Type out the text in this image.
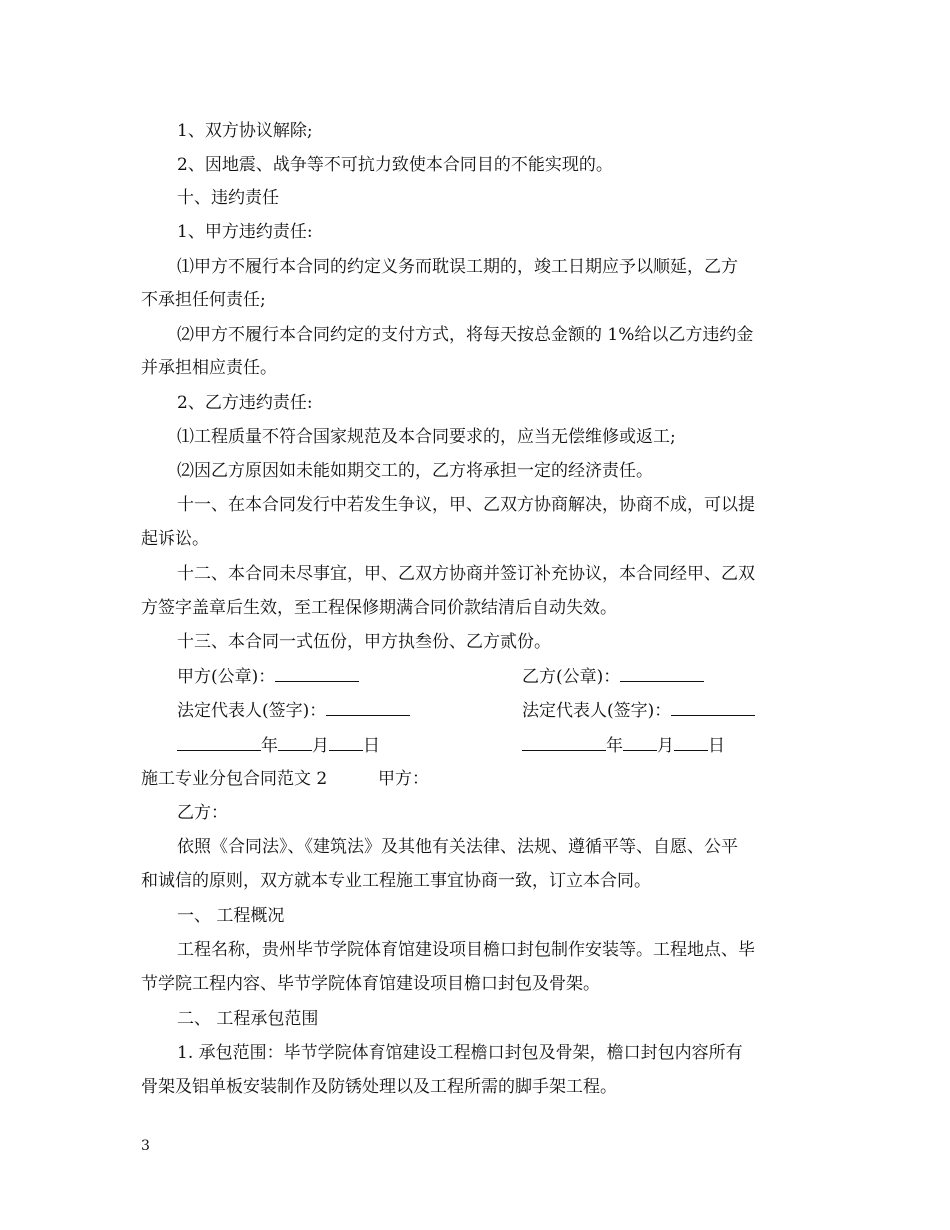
1、双方协议解除;
2、因地震、战争等不可抗力致使本合同目的不能实现的。
十、违约责任
1、甲方违约责任:
⑴甲方不履行本合同的约定义务而耽误工期的，竣工日期应予以顺延，乙方
不承担任何责任;
⑵甲方不履行本合同约定的支付方式，将每天按总金额的 1%给以乙方违约金
并承担相应责任。
2、乙方违约责任:
⑴工程质量不符合国家规范及本合同要求的，应当无偿维修或返工;
⑵因乙方原因如未能如期交工的，乙方将承担一定的经济责任。
十一、在本合同发行中若发生争议，甲、乙双方协商解决，协商不成，可以提
起诉讼。
十二、本合同未尽事宜，甲、乙双方协商并签订补充协议，本合同经甲、乙双
方签字盖章后生效，至工程保修期满合同价款结清后自动失效。
十三、本合同一式伍份，甲方执叁份、乙方贰份。
甲方(公章)：	乙方(公章)：
法定代表人(签字)：	法定代表人(签字)：
年 月 日	年 月 日
施工专业分包合同范文 2	甲方：
乙方：
依照《合同法》、《建筑法》及其他有关法律、法规、遵循平等、自愿、公平
和诚信的原则，双方就本专业工程施工事宜协商一致，订立本合同。
一、 工程概况
工程名称，贵州毕节学院体育馆建设项目檐口封包制作安装等。工程地点、毕
节学院工程内容、毕节学院体育馆建设项目檐口封包及骨架。
二、 工程承包范围
1. 承包范围：毕节学院体育馆建设工程檐口封包及骨架，檐口封包内容所有
骨架及铝单板安装制作及防锈处理以及工程所需的脚手架工程。
3
